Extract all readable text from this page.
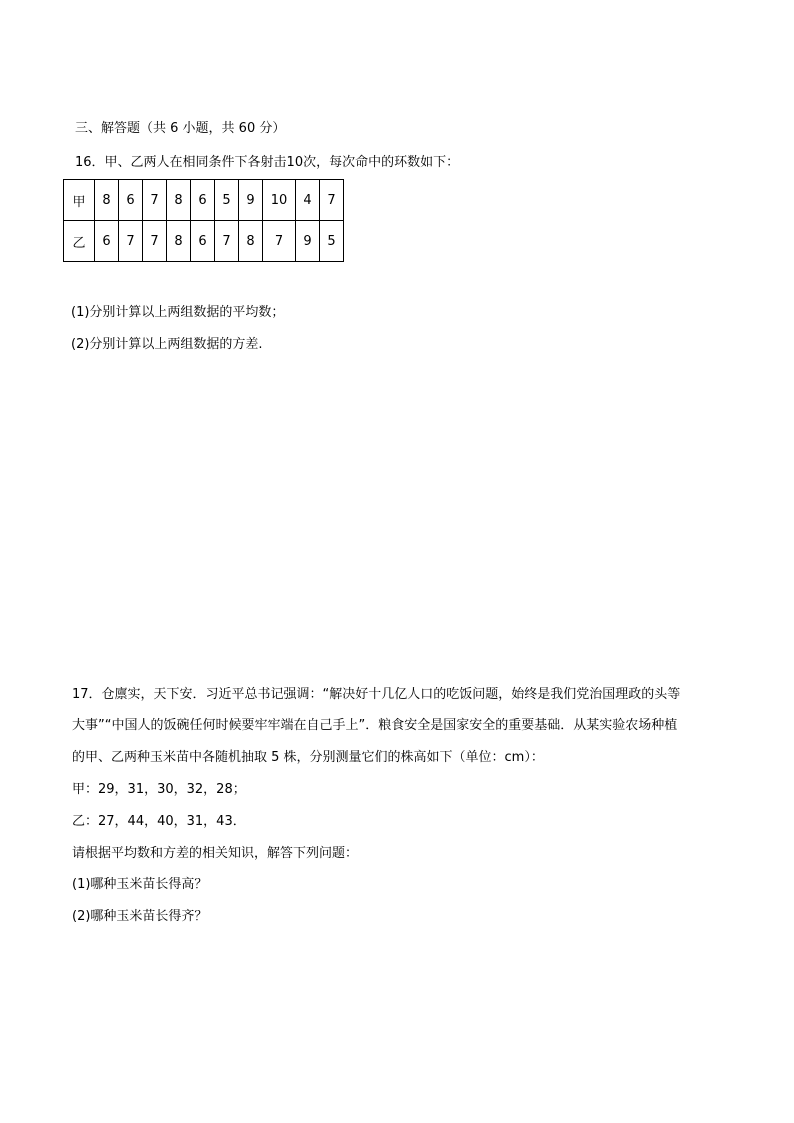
三、解答题（共 6 小题，共 60 分）
16．甲、乙两人在相同条件下各射击10次，每次命中的环数如下：
甲	8	6	7	8	6	5	9	10	4	7
乙	6	7	7	8	6	7	8	7	9	5
(1)分别计算以上两组数据的平均数；
(2)分别计算以上两组数据的方差.
17．仓廪实，天下安．习近平总书记强调：“解决好十几亿人口的吃饭问题，始终是我们党治国理政的头等
大事”“中国人的饭碗任何时候要牢牢端在自己手上”．粮食安全是国家安全的重要基础．从某实验农场种植
的甲、乙两种玉米苗中各随机抽取 5 株，分别测量它们的株高如下（单位：cm）：
甲：29，31，30，32，28；
乙：27，44，40，31，43．
请根据平均数和方差的相关知识，解答下列问题：
(1)哪种玉米苗长得高？
(2)哪种玉米苗长得齐？
